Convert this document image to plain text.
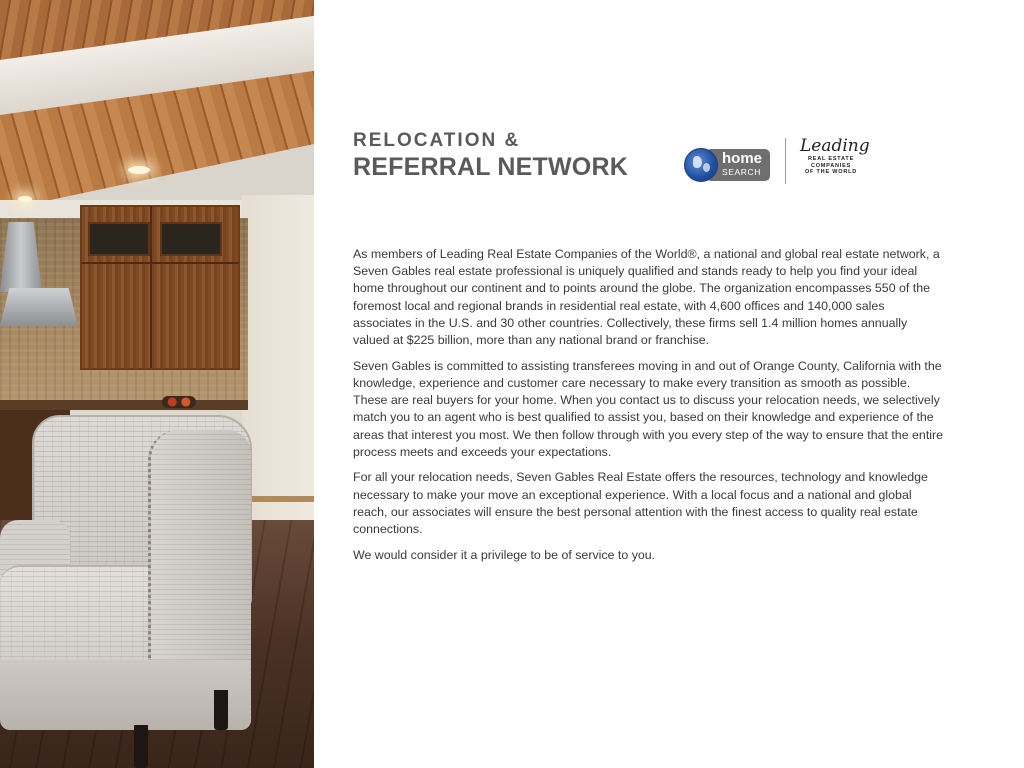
RELOCATION &
REFERRAL NETWORK	home
SEARCH
Leading
REAL ESTATE
COMPANIES
OF THE WORLD

As members of Leading Real Estate Companies of the World®, a national and global real estate network, a Seven Gables real estate professional is uniquely qualified and stands ready to help you find your ideal home throughout our continent and to points around the globe. The organization encompasses 550 of the foremost local and regional brands in residential real estate, with 4,600 offices and 140,000 sales associates in the U.S. and 30 other countries. Collectively, these firms sell 1.4 million homes annually valued at $225 billion, more than any national brand or franchise.

Seven Gables is committed to assisting transferees moving in and out of Orange County, California with the knowledge, experience and customer care necessary to make every transition as smooth as possible. These are real buyers for your home. When you contact us to discuss your relocation needs, we selectively match you to an agent who is best qualified to assist you, based on their knowledge and experience of the areas that interest you most. We then follow through with you every step of the way to ensure that the entire process meets and exceeds your expectations.

For all your relocation needs, Seven Gables Real Estate offers the resources, technology and knowledge necessary to make your move an exceptional experience. With a local focus and a national and global reach, our associates will ensure the best personal attention with the finest access to quality real estate connections.

We would consider it a privilege to be of service to you.
